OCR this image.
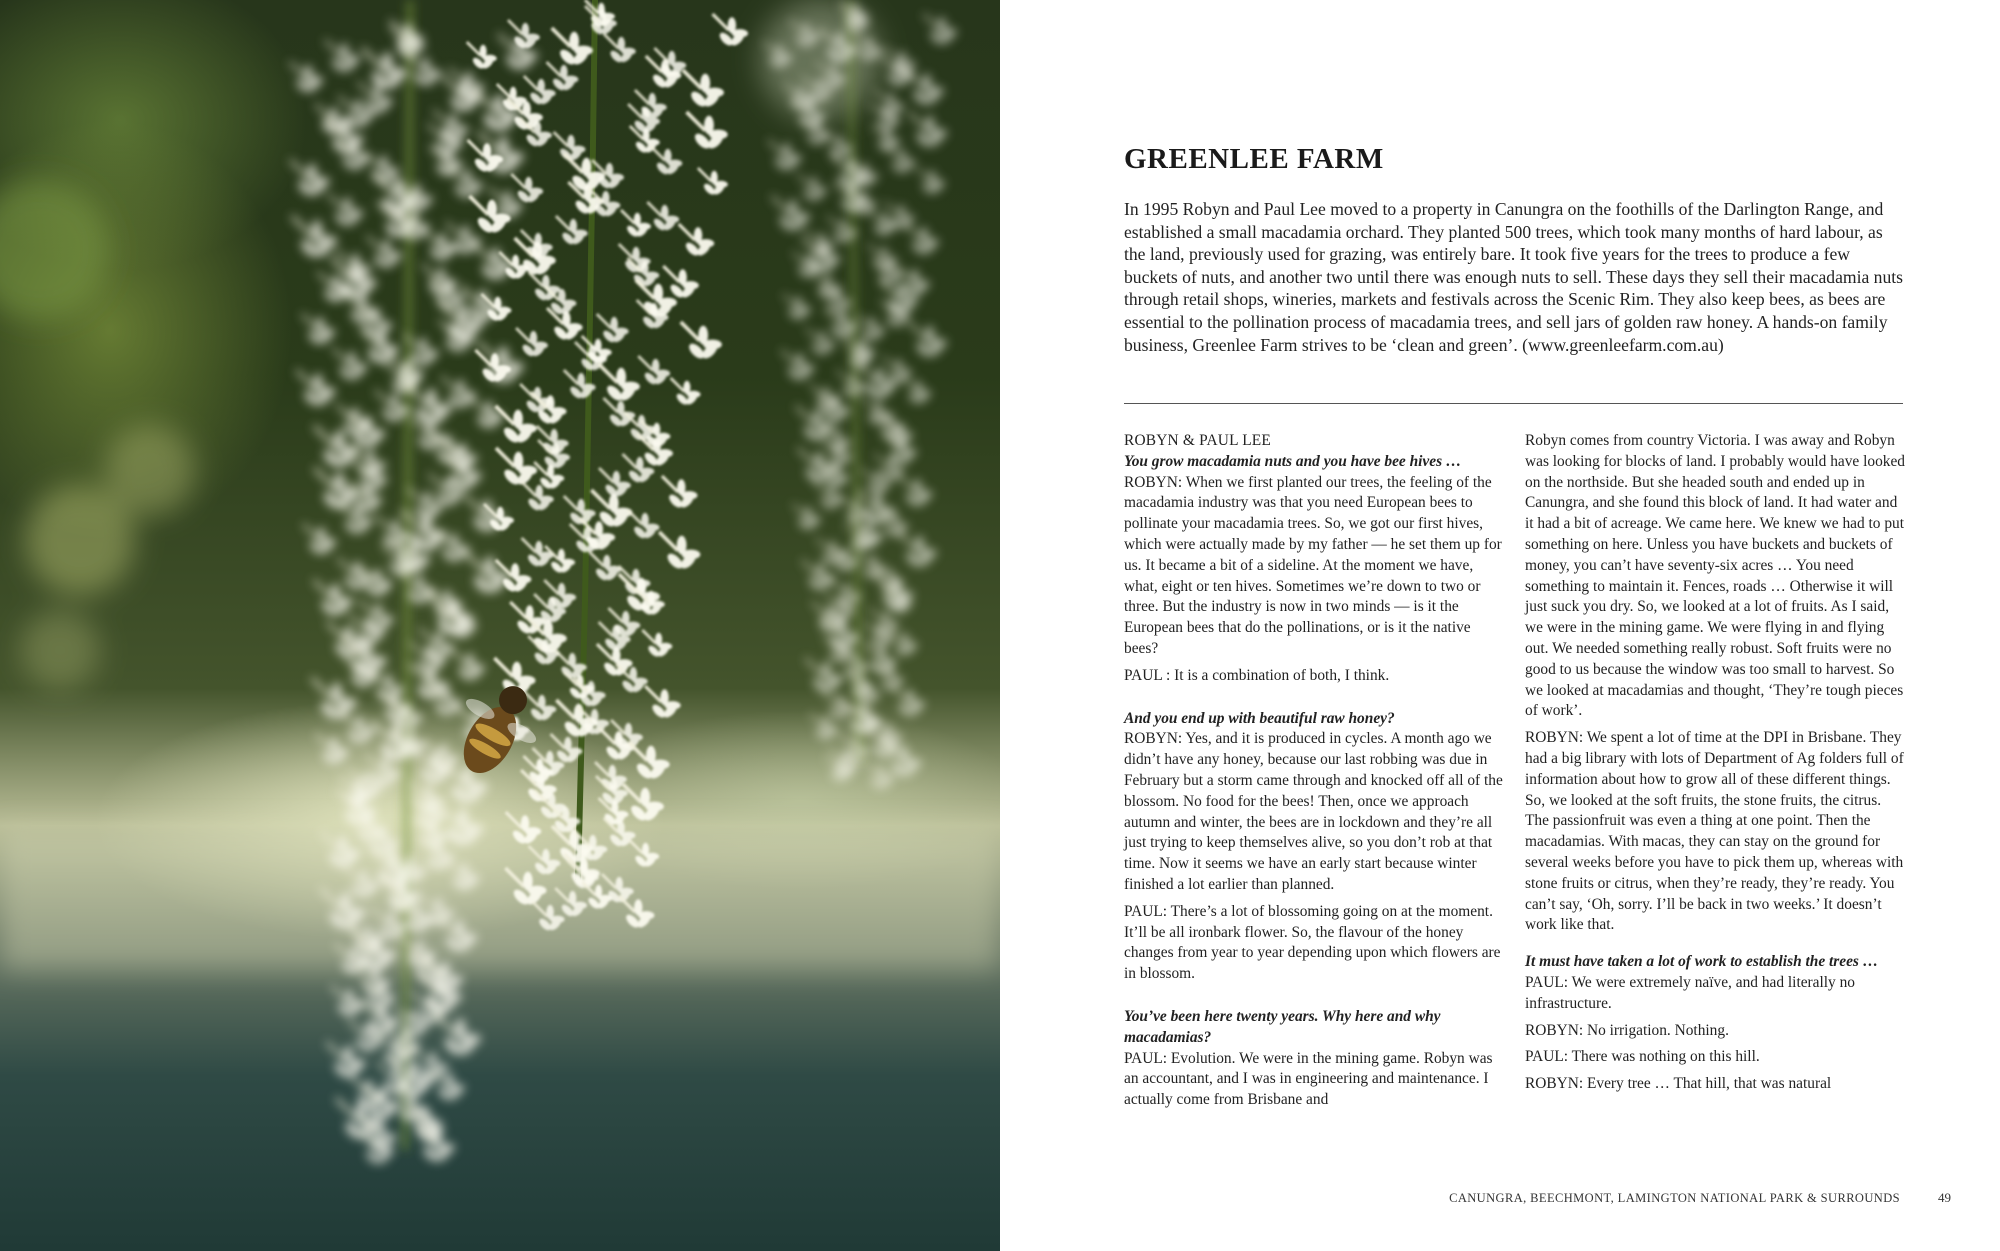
GREENLEE FARM
In 1995 Robyn and Paul Lee moved to a property in Canungra on the foothills of the Darlington Range, and established a small macadamia orchard. They planted 500 trees, which took many months of hard labour, as the land, previously used for grazing, was entirely bare. It took five years for the trees to produce a few buckets of nuts, and another two until there was enough nuts to sell. These days they sell their macadamia nuts through retail shops, wineries, markets and festivals across the Scenic Rim. They also keep bees, as bees are essential to the pollination process of macadamia trees, and sell jars of golden raw honey. A hands-on family business, Greenlee Farm strives to be ‘clean and green’. (www.greenleefarm.com.au)

ROBYN & PAUL LEE

You grow macadamia nuts and you have bee hives …

ROBYN: When we first planted our trees, the feeling of the macadamia industry was that you need European bees to pollinate your macadamia trees. So, we got our first hives, which were actually made by my father — he set them up for us. It became a bit of a sideline. At the moment we have, what, eight or ten hives. Sometimes we’re down to two or three. But the industry is now in two minds — is it the European bees that do the pollinations, or is it the native bees?

PAUL : It is a combination of both, I think.

And you end up with beautiful raw honey?

ROBYN: Yes, and it is produced in cycles. A month ago we didn’t have any honey, because our last robbing was due in February but a storm came through and knocked off all of the blossom. No food for the bees! Then, once we approach autumn and winter, the bees are in lockdown and they’re all just trying to keep themselves alive, so you don’t rob at that time. Now it seems we have an early start because winter finished a lot earlier than planned.

PAUL: There’s a lot of blossoming going on at the moment. It’ll be all ironbark flower. So, the flavour of the honey changes from year to year depending upon which flowers are in blossom.

You’ve been here twenty years. Why here and why macadamias?

PAUL: Evolution. We were in the mining game. Robyn was an accountant, and I was in engineering and maintenance. I actually come from Brisbane and

Robyn comes from country Victoria. I was away and Robyn was looking for blocks of land. I probably would have looked on the northside. But she headed south and ended up in Canungra, and she found this block of land. It had water and it had a bit of acreage. We came here. We knew we had to put something on here. Unless you have buckets and buckets of money, you can’t have seventy-six acres … You need something to maintain it. Fences, roads … Otherwise it will just suck you dry. So, we looked at a lot of fruits. As I said, we were in the mining game. We were flying in and flying out. We needed something really robust. Soft fruits were no good to us because the window was too small to harvest. So we looked at macadamias and thought, ‘They’re tough pieces of work’.

ROBYN: We spent a lot of time at the DPI in Brisbane. They had a big library with lots of Department of Ag folders full of information about how to grow all of these different things. So, we looked at the soft fruits, the stone fruits, the citrus. The passionfruit was even a thing at one point. Then the macadamias. With macas, they can stay on the ground for several weeks before you have to pick them up, whereas with stone fruits or citrus, when they’re ready, they’re ready. You can’t say, ‘Oh, sorry. I’ll be back in two weeks.’ It doesn’t work like that.

It must have taken a lot of work to establish the trees …

PAUL: We were extremely naïve, and had literally no infrastructure.

ROBYN: No irrigation. Nothing.

PAUL: There was nothing on this hill.

ROBYN: Every tree … That hill, that was natural

CANUNGRA, BEECHMONT, LAMINGTON NATIONAL PARK & SURROUNDS	49
